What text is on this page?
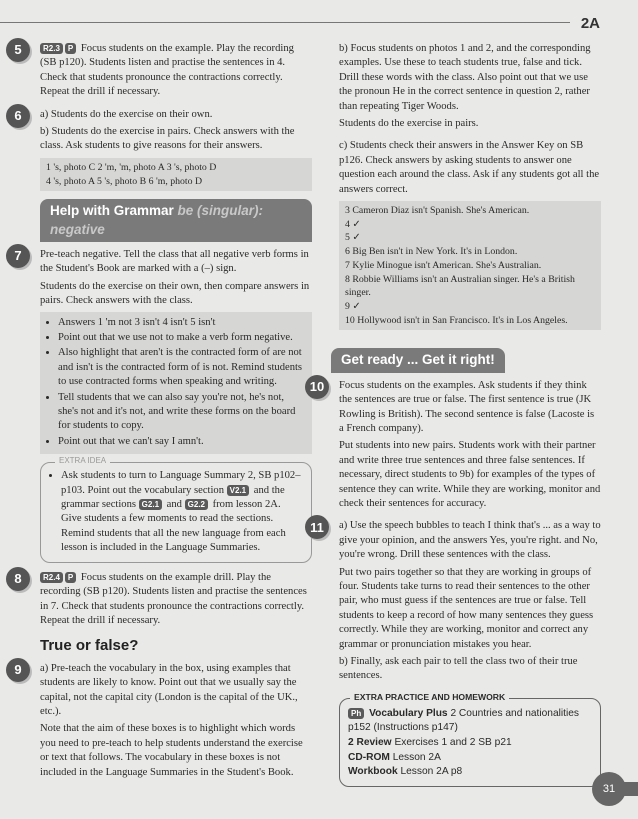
2A
5	R2.3 P Focus students on the example. Play the recording (SB p120). Students listen and practise the sentences in 4. Check that students pronounce the contractions correctly. Repeat the drill if necessary.

6	a) Students do the exercise on their own.

b) Students do the exercise in pairs. Check answers with the class. Ask students to give reasons for their answers.

1 's, photo C 2 'm, 'm, photo A 3 's, photo D
4 's, photo A 5 's, photo B 6 'm, photo D
Help with Grammar be (singular): negative
7	Pre-teach negative. Tell the class that all negative verb forms in the Student's Book are marked with a (–) sign.

Students do the exercise on their own, then compare answers in pairs. Check answers with the class.

• Answers 1 'm not 3 isn't 4 isn't 5 isn't
• Point out that we use not to make a verb form negative.
• Also highlight that aren't is the contracted form of are not and isn't is the contracted form of is not. Remind students to use contracted forms when speaking and writing.
• Tell students that we can also say you're not, he's not, she's not and it's not, and write these forms on the board for students to copy.
• Point out that we can't say I amn't.
EXTRA IDEA
• Ask students to turn to Language Summary 2, SB p102–p103. Point out the vocabulary section V2.1 and the grammar sections G2.1 and G2.2 from lesson 2A. Give students a few moments to read the sections. Remind students that all the new language from each lesson is included in the Language Summaries.
8	R2.4 P Focus students on the example drill. Play the recording (SB p120). Students listen and practise the sentences in 7. Check that students pronounce the contractions correctly. Repeat the drill if necessary.

True or false?
9	a) Pre-teach the vocabulary in the box, using examples that students are likely to know. Point out that we usually say the capital, not the capital city (London is the capital of the UK., etc.).

Note that the aim of these boxes is to highlight which words you need to pre-teach to help students understand the exercise or text that follows. The vocabulary in these boxes is not included in the Language Summaries in the Student's Book.

b) Focus students on photos 1 and 2, and the corresponding examples. Use these to teach students true, false and tick. Drill these words with the class. Also point out that we use the pronoun He in the correct sentence in question 2, rather than repeating Tiger Woods.

Students do the exercise in pairs.

c) Students check their answers in the Answer Key on SB p126. Check answers by asking students to answer one question each around the class. Ask if any students got all the answers correct.

3 Cameron Diaz isn't Spanish. She's American.
4 ✓
5 ✓
6 Big Ben isn't in New York. It's in London.
7 Kylie Minogue isn't American. She's Australian.
8 Robbie Williams isn't an Australian singer. He's a British singer.
9 ✓
10 Hollywood isn't in San Francisco. It's in Los Angeles.
Get ready ... Get it right!
10	Focus students on the examples. Ask students if they think the sentences are true or false. The first sentence is true (JK Rowling is British). The second sentence is false (Lacoste is a French company).

Put students into new pairs. Students work with their partner and write three true sentences and three false sentences. If necessary, direct students to 9b) for examples of the types of sentence they can write. While they are working, monitor and check their sentences for accuracy.

11	a) Use the speech bubbles to teach I think that's ... as a way to give your opinion, and the answers Yes, you're right. and No, you're wrong. Drill these sentences with the class.

Put two pairs together so that they are working in groups of four. Students take turns to read their sentences to the other pair, who must guess if the sentences are true or false. Tell students to keep a record of how many sentences they guess correctly. While they are working, monitor and correct any grammar or pronunciation mistakes you hear.

b) Finally, ask each pair to tell the class two of their true sentences.

EXTRA PRACTICE AND HOMEWORK

Ph Vocabulary Plus 2 Countries and nationalities p152 (Instructions p147)

2 Review Exercises 1 and 2 SB p21

CD-ROM Lesson 2A

Workbook Lesson 2A p8

31
